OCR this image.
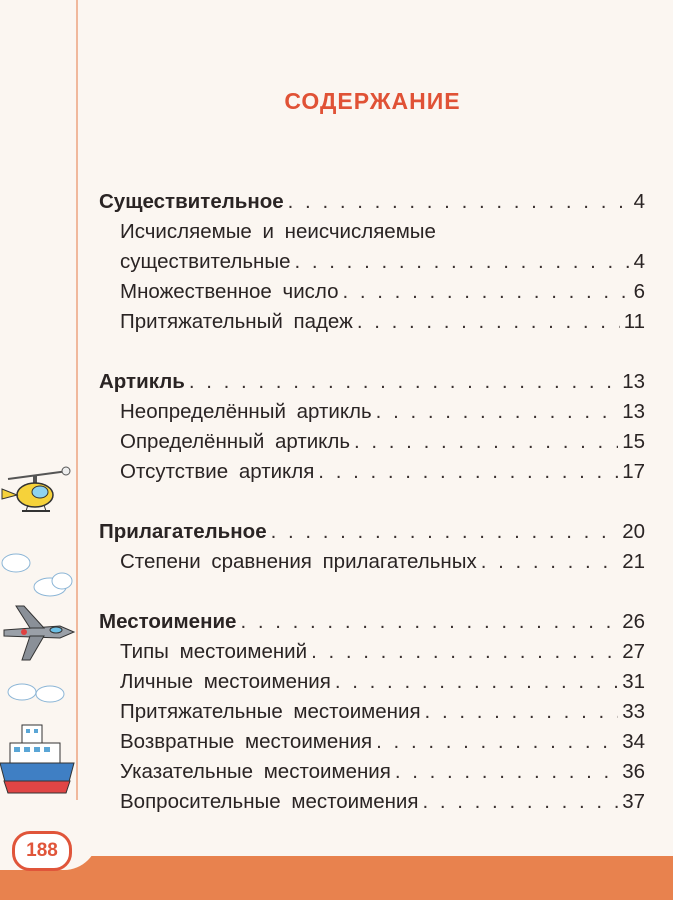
188
СОДЕРЖАНИЕ
Существительное . . .	4
Исчисляемые и неисчисляемые
существительные . . .	4
Множественное число . . .	6
Притяжательный падеж . . .	11
Артикль . . .	13
Неопределённый артикль . . .	13
Определённый артикль . . .	15
Отсутствие артикля . . .	17
Прилагательное . . .	20
Степени сравнения прилагательных . . .	21
Местоимение . . .	26
Типы местоимений . . .	27
Личные местоимения . . .	31
Притяжательные местоимения . . .	33
Возвратные местоимения . . .	34
Указательные местоимения . . .	36
Вопросительные местоимения . . .	37
